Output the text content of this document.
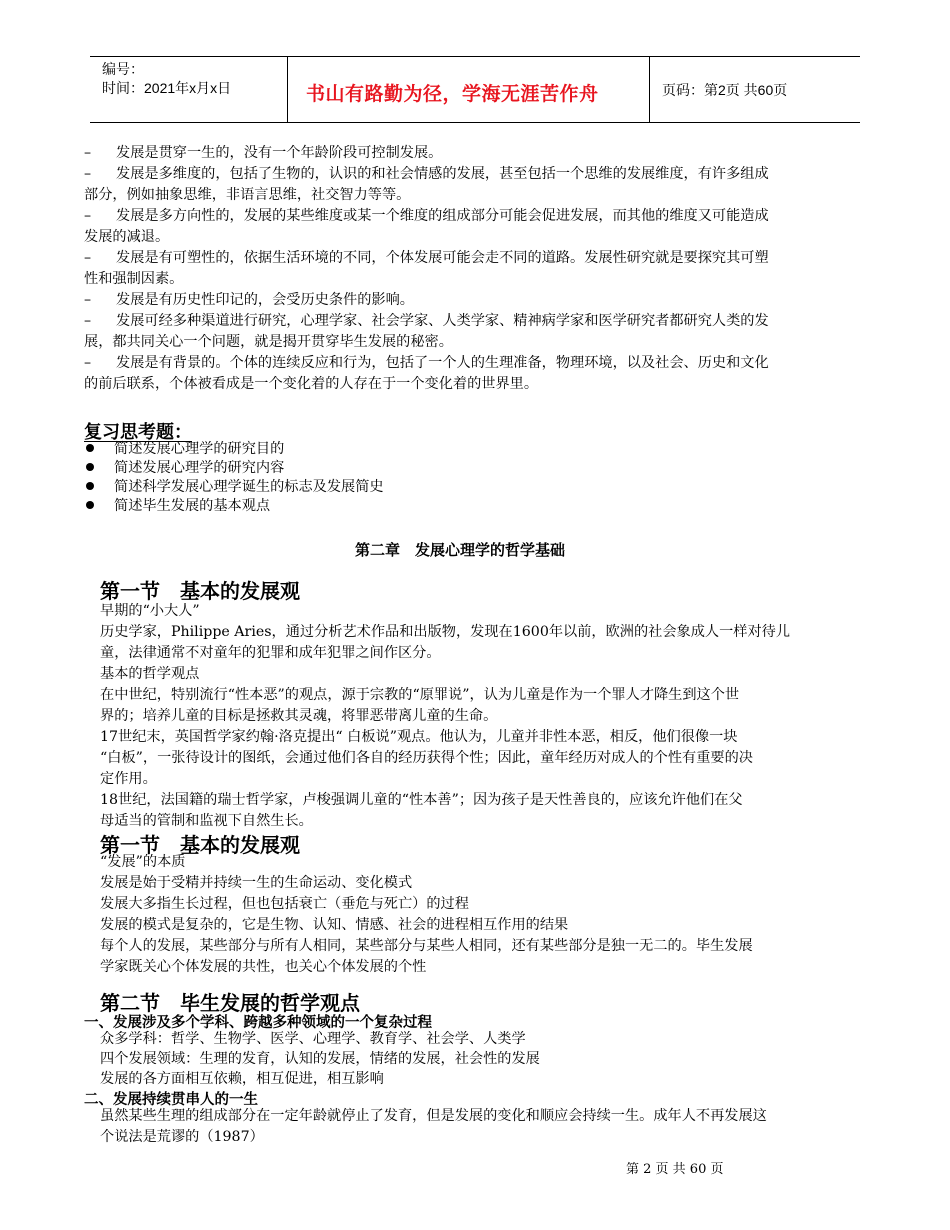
编号：
时间：2021年x月x日	书山有路勤为径，学海无涯苦作舟	页码：第2页 共60页
– 发展是贯穿一生的，没有一个年龄阶段可控制发展。
– 发展是多维度的，包括了生物的，认识的和社会情感的发展，甚至包括一个思维的发展维度，有许多组成
部分，例如抽象思维，非语言思维，社交智力等等。
– 发展是多方向性的，发展的某些维度或某一个维度的组成部分可能会促进发展，而其他的维度又可能造成
发展的减退。
– 发展是有可塑性的，依据生活环境的不同，个体发展可能会走不同的道路。发展性研究就是要探究其可塑
性和强制因素。
– 发展是有历史性印记的，会受历史条件的影响。
– 发展可经多种渠道进行研究，心理学家、社会学家、人类学家、精神病学家和医学研究者都研究人类的发
展，都共同关心一个问题，就是揭开贯穿毕生发展的秘密。
– 发展是有背景的。个体的连续反应和行为，包括了一个人的生理准备，物理环境，以及社会、历史和文化
的前后联系，个体被看成是一个变化着的人存在于一个变化着的世界里。
复习思考题：
简述发展心理学的研究目的
简述发展心理学的研究内容
简述科学发展心理学诞生的标志及发展简史
简述毕生发展的基本观点
第二章　发展心理学的哲学基础
第一节　基本的发展观
早期的“小大人”
历史学家，Philippe Aries，通过分析艺术作品和出版物，发现在1600年以前，欧洲的社会象成人一样对待儿
童，法律通常不对童年的犯罪和成年犯罪之间作区分。
基本的哲学观点
在中世纪，特别流行“性本恶”的观点，源于宗教的“原罪说”，认为儿童是作为一个罪人才降生到这个世
界的；培养儿童的目标是拯救其灵魂，将罪恶带离儿童的生命。
17世纪末，英国哲学家约翰·洛克提出“ 白板说”观点。他认为，儿童并非性本恶，相反，他们很像一块
“白板”，一张待设计的图纸，会通过他们各自的经历获得个性；因此，童年经历对成人的个性有重要的决
定作用。
18世纪，法国籍的瑞士哲学家，卢梭强调儿童的“性本善”；因为孩子是天性善良的，应该允许他们在父
母适当的管制和监视下自然生长。
第一节　基本的发展观
“发展”的本质
发展是始于受精并持续一生的生命运动、变化模式
发展大多指生长过程，但也包括衰亡（垂危与死亡）的过程
发展的模式是复杂的，它是生物、认知、情感、社会的进程相互作用的结果
每个人的发展，某些部分与所有人相同，某些部分与某些人相同，还有某些部分是独一无二的。毕生发展
学家既关心个体发展的共性，也关心个体发展的个性
第二节　毕生发展的哲学观点
一、发展涉及多个学科、跨越多种领域的一个复杂过程
众多学科：哲学、生物学、医学、心理学、教育学、社会学、人类学
四个发展领域：生理的发育，认知的发展，情绪的发展，社会性的发展
发展的各方面相互依赖，相互促进，相互影响
二、发展持续贯串人的一生
虽然某些生理的组成部分在一定年龄就停止了发育，但是发展的变化和顺应会持续一生。成年人不再发展这
个说法是荒谬的（1987）
第 2 页 共 60 页
